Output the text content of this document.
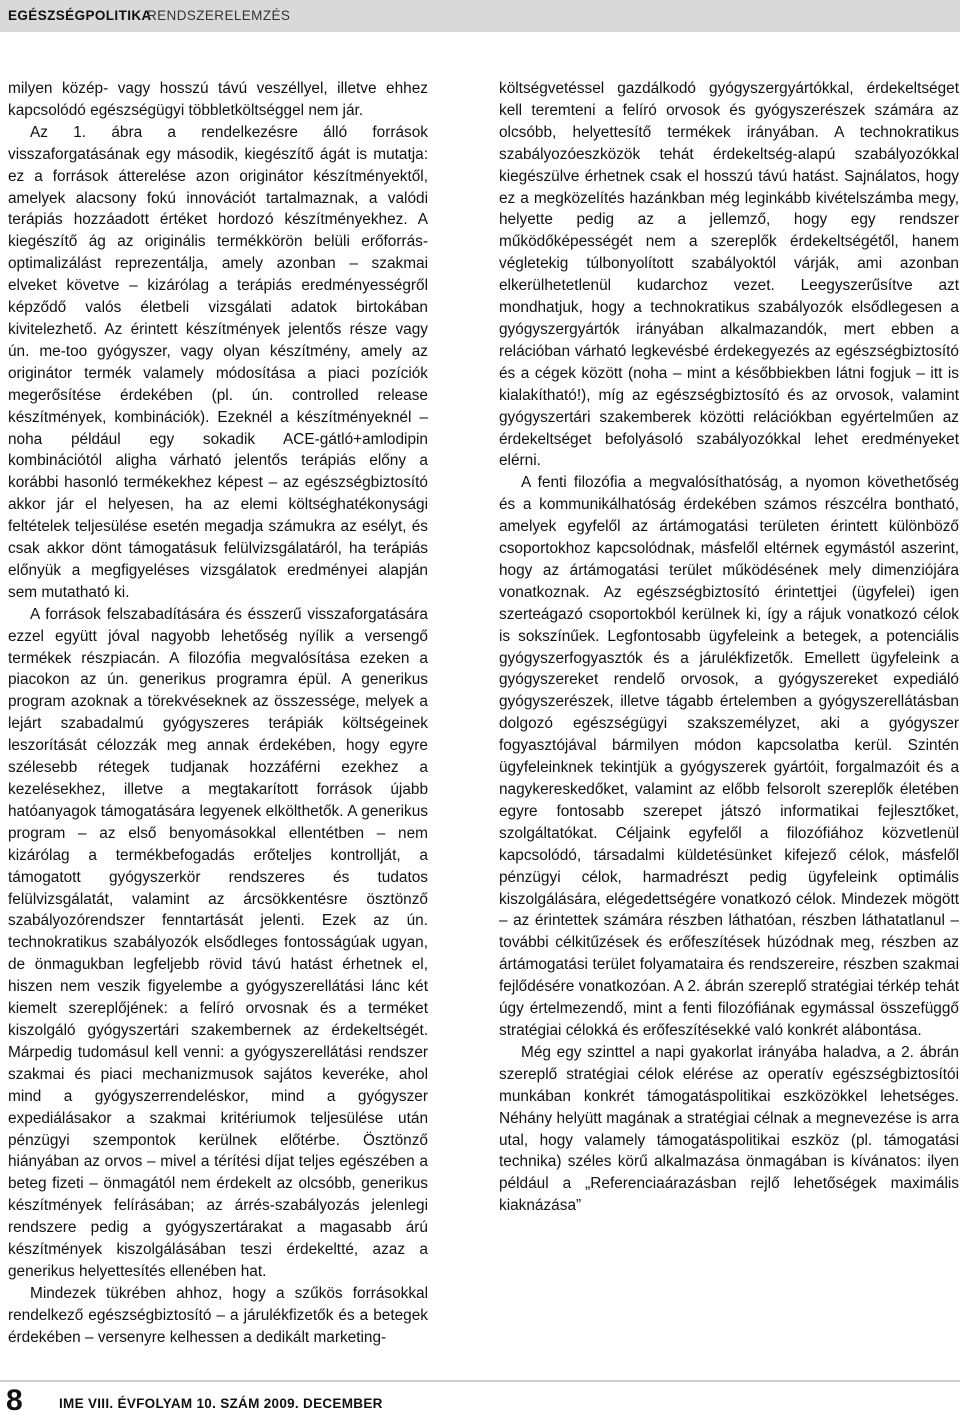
EGÉSZSÉGPOLITIKA
RENDSZERELEMZÉS

milyen közép- vagy hosszú távú veszéllyel, illetve ehhez kapcsolódó egészségügyi többletköltséggel nem jár.

Az 1. ábra a rendelkezésre álló források visszaforgatásának egy második, kiegészítő ágát is mutatja: ez a források átterelése azon originátor készítményektől, amelyek alacsony fokú innovációt tartalmaznak, a valódi terápiás hozzáadott értéket hordozó készítményekhez. A kiegészítő ág az originális termékkörön belüli erőforrás-optimalizálást reprezentálja, amely azonban – szakmai elveket követve – kizárólag a terápiás eredményességről képződő valós életbeli vizsgálati adatok birtokában kivitelezhető. Az érintett készítmények jelentős része vagy ún. me-too gyógyszer, vagy olyan készítmény, amely az originátor termék valamely módosítása a piaci pozíciók megerősítése érdekében (pl. ún. controlled release készítmények, kombinációk). Ezeknél a készítményeknél – noha például egy sokadik ACE-gátló+amlodipin kombinációtól aligha várható jelentős terápiás előny a korábbi hasonló termékekhez képest – az egészségbiztosító akkor jár el helyesen, ha az elemi költséghatékonysági feltételek teljesülése esetén megadja számukra az esélyt, és csak akkor dönt támogatásuk felülvizsgálatáról, ha terápiás előnyük a megfigyeléses vizsgálatok eredményei alapján sem mutatható ki.

A források felszabadítására és ésszerű visszaforgatására ezzel együtt jóval nagyobb lehetőség nyílik a versengő termékek részpiacán. A filozófia megvalósítása ezeken a piacokon az ún. generikus programra épül. A generikus program azoknak a törekvéseknek az összessége, melyek a lejárt szabadalmú gyógyszeres terápiák költségeinek leszorítását célozzák meg annak érdekében, hogy egyre szélesebb rétegek tudjanak hozzáférni ezekhez a kezelésekhez, illetve a megtakarított források újabb hatóanyagok támogatására legyenek elkölthetők. A generikus program – az első benyomásokkal ellentétben – nem kizárólag a termékbefogadás erőteljes kontrollját, a támogatott gyógyszerkör rendszeres és tudatos felülvizsgálatát, valamint az árcsökkentésre ösztönző szabályozórendszer fenntartását jelenti. Ezek az ún. technokratikus szabályozók elsődleges fontosságúak ugyan, de önmagukban legfeljebb rövid távú hatást érhetnek el, hiszen nem veszik figyelembe a gyógyszerellátási lánc két kiemelt szereplőjének: a felíró orvosnak és a terméket kiszolgáló gyógyszertári szakembernek az érdekeltségét. Márpedig tudomásul kell venni: a gyógyszerellátási rendszer szakmai és piaci mechanizmusok sajátos keveréke, ahol mind a gyógyszerrendeléskor, mind a gyógyszer expediálásakor a szakmai kritériumok teljesülése után pénzügyi szempontok kerülnek előtérbe. Ösztönző hiányában az orvos – mivel a térítési díjat teljes egészében a beteg fizeti – önmagától nem érdekelt az olcsóbb, generikus készítmények felírásában; az árrés-szabályozás jelenlegi rendszere pedig a gyógyszertárakat a magasabb árú készítmények kiszolgálásában teszi érdekeltté, azaz a generikus helyettesítés ellenében hat.

Mindezek tükrében ahhoz, hogy a szűkös forrásokkal rendelkező egészségbiztosító – a járulékfizetők és a betegek érdekében – versenyre kelhessen a dedikált marketing-

költségvetéssel gazdálkodó gyógyszergyártókkal, érdekeltséget kell teremteni a felíró orvosok és gyógyszerészek számára az olcsóbb, helyettesítő termékek irányában. A technokratikus szabályozóeszközök tehát érdekeltség-alapú szabályozókkal kiegészülve érhetnek csak el hosszú távú hatást. Sajnálatos, hogy ez a megközelítés hazánkban még leginkább kivételszámba megy, helyette pedig az a jellemző, hogy egy rendszer működőképességét nem a szereplők érdekeltségétől, hanem végletekig túlbonyolított szabályoktól várják, ami azonban elkerülhetetlenül kudarchoz vezet. Leegyszerűsítve azt mondhatjuk, hogy a technokratikus szabályozók elsődlegesen a gyógyszergyártók irányában alkalmazandók, mert ebben a relációban várható legkevésbé érdekegyezés az egészségbiztosító és a cégek között (noha – mint a későbbiekben látni fogjuk – itt is kialakítható!), míg az egészségbiztosító és az orvosok, valamint gyógyszertári szakemberek közötti relációkban egyértelműen az érdekeltséget befolyásoló szabályozókkal lehet eredményeket elérni.

A fenti filozófia a megvalósíthatóság, a nyomon követhetőség és a kommunikálhatóság érdekében számos részcélra bontható, amelyek egyfelől az ártámogatási területen érintett különböző csoportokhoz kapcsolódnak, másfelől eltérnek egymástól aszerint, hogy az ártámogatási terület működésének mely dimenziójára vonatkoznak. Az egészségbiztosító érintettjei (ügyfelei) igen szerteágazó csoportokból kerülnek ki, így a rájuk vonatkozó célok is sokszínűek. Legfontosabb ügyfeleink a betegek, a potenciális gyógyszerfogyasztók és a járulékfizetők. Emellett ügyfeleink a gyógyszereket rendelő orvosok, a gyógyszereket expediáló gyógyszerészek, illetve tágabb értelemben a gyógyszerellátásban dolgozó egészségügyi szakszemélyzet, aki a gyógyszer fogyasztójával bármilyen módon kapcsolatba kerül. Szintén ügyfeleinknek tekintjük a gyógyszerek gyártóit, forgalmazóit és a nagykereskedőket, valamint az előbb felsorolt szereplők életében egyre fontosabb szerepet játszó informatikai fejlesztőket, szolgáltatókat. Céljaink egyfelől a filozófiához közvetlenül kapcsolódó, társadalmi küldetésünket kifejező célok, másfelől pénzügyi célok, harmadrészt pedig ügyfeleink optimális kiszolgálására, elégedettségére vonatkozó célok. Mindezek mögött – az érintettek számára részben láthatóan, részben láthatatlanul – további célkitűzések és erőfeszítések húzódnak meg, részben az ártámogatási terület folyamataira és rendszereire, részben szakmai fejlődésére vonatkozóan. A 2. ábrán szereplő stratégiai térkép tehát úgy értelmezendő, mint a fenti filozófiának egymással összefüggő stratégiai célokká és erőfeszítésekké való konkrét alábontása.

Még egy szinttel a napi gyakorlat irányába haladva, a 2. ábrán szereplő stratégiai célok elérése az operatív egészségbiztosítói munkában konkrét támogatáspolitikai eszközökkel lehetséges. Néhány helyütt magának a stratégiai célnak a megnevezése is arra utal, hogy valamely támogatáspolitikai eszköz (pl. támogatási technika) széles körű alkalmazása önmagában is kívánatos: ilyen például a „Referenciaárazásban rejlő lehetőségek maximális kiaknázása”

8	IME VIII. ÉVFOLYAM 10. SZÁM 2009. DECEMBER
